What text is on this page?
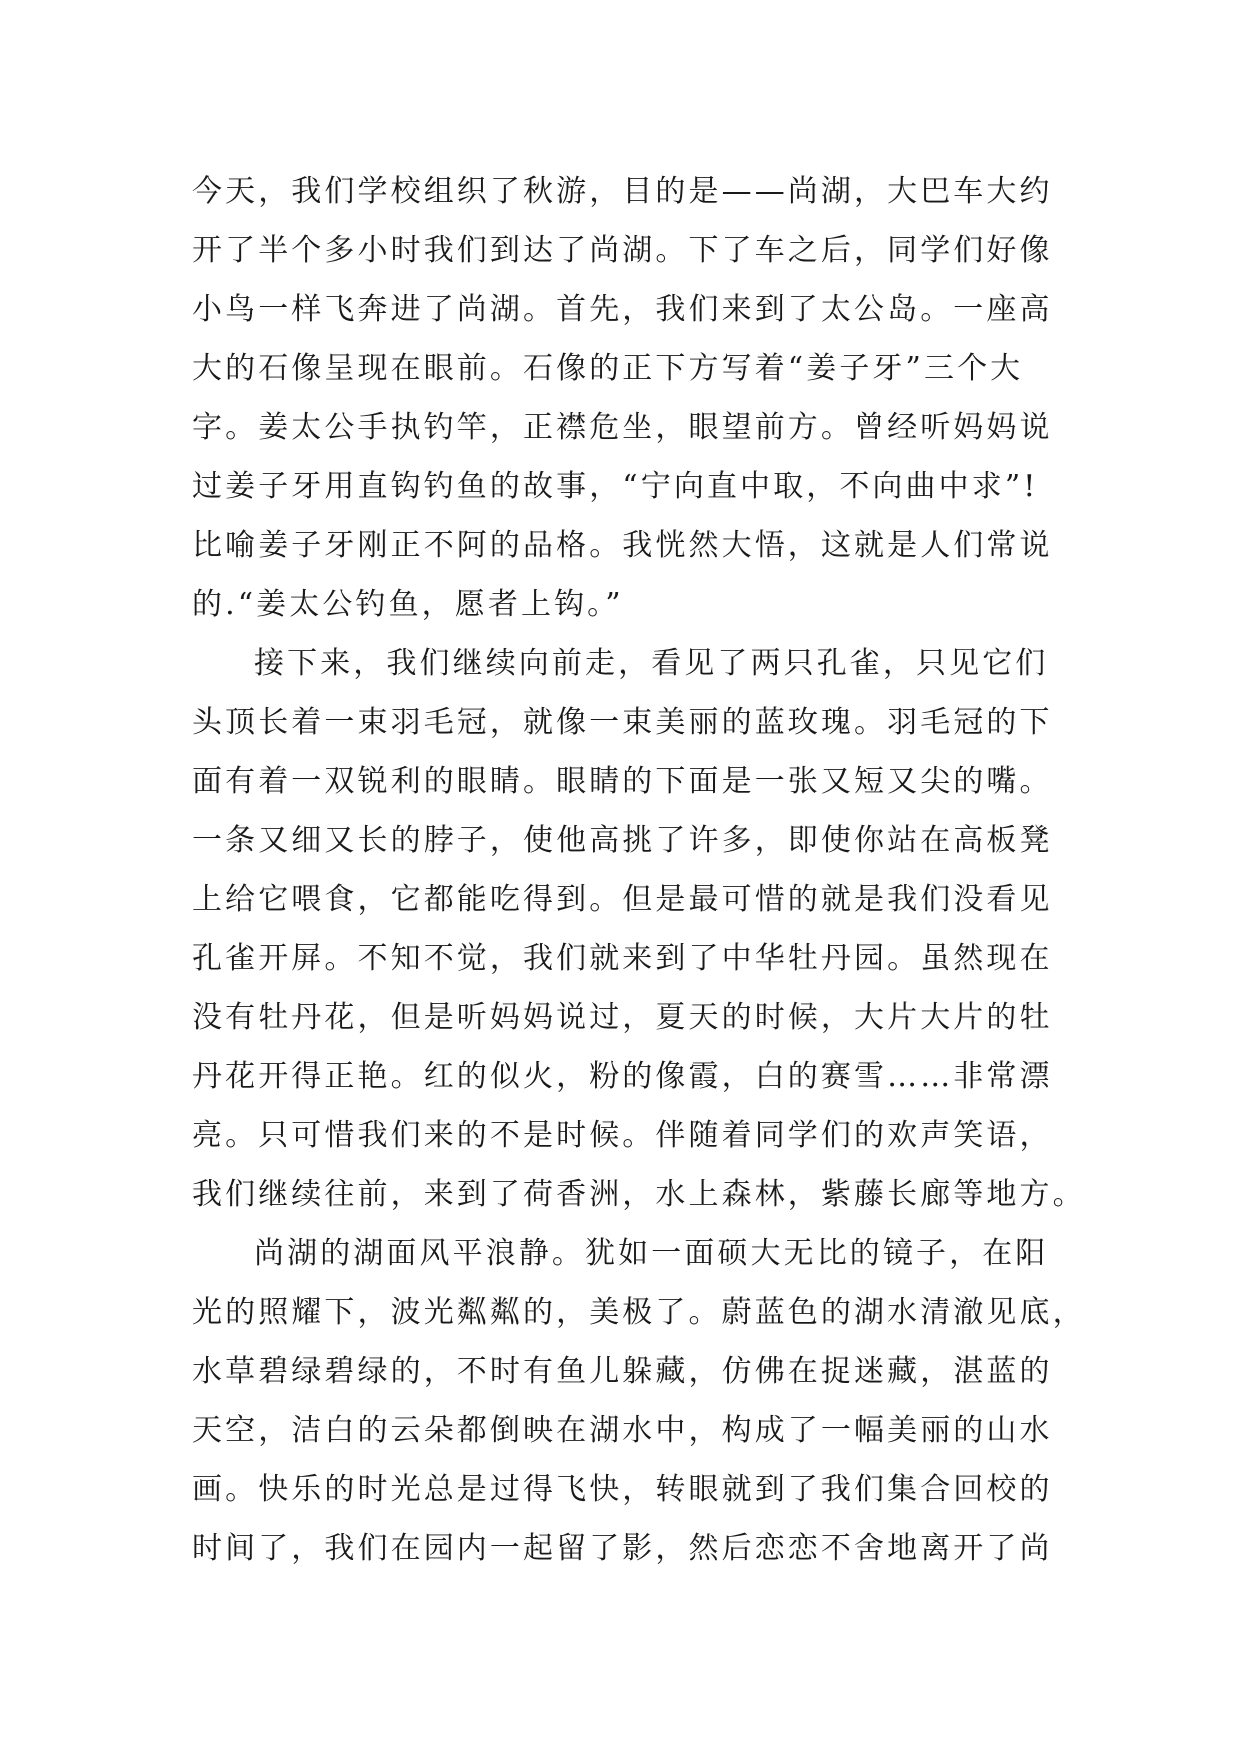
今天，我们学校组织了秋游，目的是——尚湖，大巴车大约
开了半个多小时我们到达了尚湖。下了车之后，同学们好像
小鸟一样飞奔进了尚湖。首先，我们来到了太公岛。一座高
大的石像呈现在眼前。石像的正下方写着“姜子牙”三个大
字。姜太公手执钓竿，正襟危坐，眼望前方。曾经听妈妈说
过姜子牙用直钩钓鱼的故事，“宁向直中取，不向曲中求”!
比喻姜子牙刚正不阿的品格。我恍然大悟，这就是人们常说
的.“姜太公钓鱼，愿者上钩。”
接下来，我们继续向前走，看见了两只孔雀，只见它们
头顶长着一束羽毛冠，就像一束美丽的蓝玫瑰。羽毛冠的下
面有着一双锐利的眼睛。眼睛的下面是一张又短又尖的嘴。
一条又细又长的脖子，使他高挑了许多，即使你站在高板凳
上给它喂食，它都能吃得到。但是最可惜的就是我们没看见
孔雀开屏。不知不觉，我们就来到了中华牡丹园。虽然现在
没有牡丹花，但是听妈妈说过，夏天的时候，大片大片的牡
丹花开得正艳。红的似火，粉的像霞，白的赛雪……非常漂
亮。只可惜我们来的不是时候。伴随着同学们的欢声笑语，
我们继续往前，来到了荷香洲，水上森林，紫藤长廊等地方。
尚湖的湖面风平浪静。犹如一面硕大无比的镜子，在阳
光的照耀下，波光粼粼的，美极了。蔚蓝色的湖水清澈见底，
水草碧绿碧绿的，不时有鱼儿躲藏，仿佛在捉迷藏，湛蓝的
天空，洁白的云朵都倒映在湖水中，构成了一幅美丽的山水
画。快乐的时光总是过得飞快，转眼就到了我们集合回校的
时间了，我们在园内一起留了影，然后恋恋不舍地离开了尚
